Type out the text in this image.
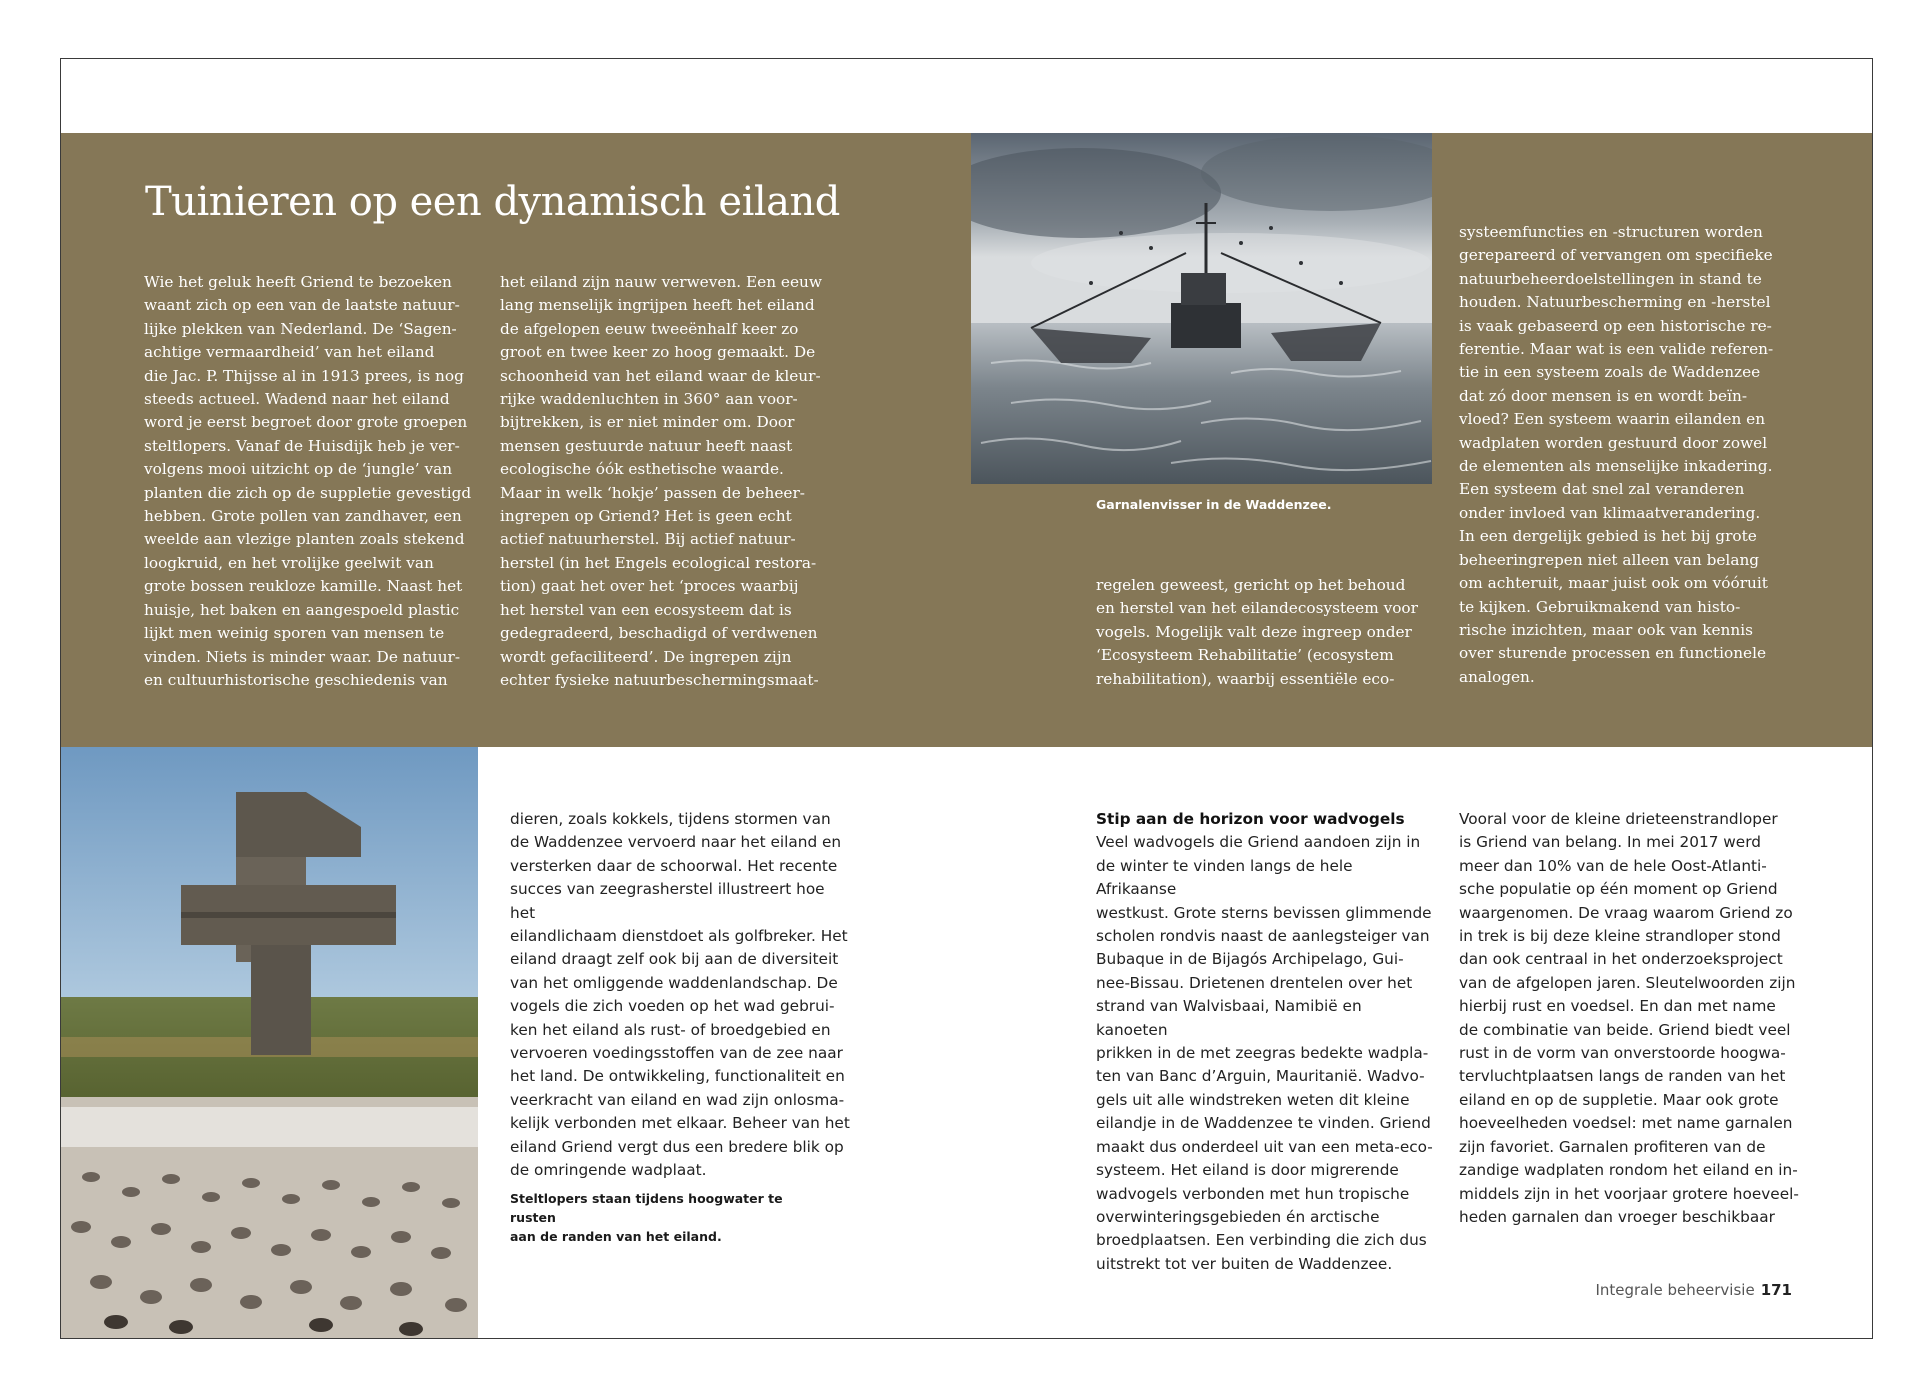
Garnalenvisser in de Waddenzee.
Tuinieren op een dynamisch eiland

Wie het geluk heeft Griend te bezoeken

waant zich op een van de laatste natuur-

lijke plekken van Nederland. De ‘Sagen-

achtige vermaardheid’ van het eiland

die Jac. P. Thijsse al in 1913 prees, is nog

steeds actueel. Wadend naar het eiland

word je eerst begroet door grote groepen

steltlopers. Vanaf de Huisdijk heb je ver-

volgens mooi uitzicht op de ‘jungle’ van

planten die zich op de suppletie gevestigd

hebben. Grote pollen van zandhaver, een

weelde aan vlezige planten zoals stekend

loogkruid, en het vrolijke geelwit van

grote bossen reukloze kamille. Naast het

huisje, het baken en aangespoeld plastic

lijkt men weinig sporen van mensen te

vinden. Niets is minder waar. De natuur-

en cultuurhistorische geschiedenis van

het eiland zijn nauw verweven. Een eeuw

lang menselijk ingrijpen heeft het eiland

de afgelopen eeuw tweeënhalf keer zo

groot en twee keer zo hoog gemaakt. De

schoonheid van het eiland waar de kleur-

rijke waddenluchten in 360° aan voor-

bijtrekken, is er niet minder om. Door

mensen gestuurde natuur heeft naast

ecologische óók esthetische waarde.

Maar in welk ‘hokje’ passen de beheer-

ingrepen op Griend? Het is geen echt

actief natuurherstel. Bij actief natuur-

herstel (in het Engels ecological restora-

tion) gaat het over het ‘proces waarbij

het herstel van een ecosysteem dat is

gedegradeerd, beschadigd of verdwenen

wordt gefaciliteerd’. De ingrepen zijn

echter fysieke natuurbeschermingsmaat-

regelen geweest, gericht op het behoud

en herstel van het eilandecosysteem voor

vogels. Mogelijk valt deze ingreep onder

‘Ecosysteem Rehabilitatie’ (ecosystem

rehabilitation), waarbij essentiële eco-

systeemfuncties en -structuren worden

gerepareerd of vervangen om specifieke

natuurbeheerdoelstellingen in stand te

houden. Natuurbescherming en -herstel

is vaak gebaseerd op een historische re-

ferentie. Maar wat is een valide referen-

tie in een systeem zoals de Waddenzee

dat zó door mensen is en wordt beïn-

vloed? Een systeem waarin eilanden en

wadplaten worden gestuurd door zowel

de elementen als menselijke inkadering.

Een systeem dat snel zal veranderen

onder invloed van klimaatverandering.

In een dergelijk gebied is het bij grote

beheeringrepen niet alleen van belang

om achteruit, maar juist ook om vóóruit

te kijken. Gebruikmakend van histo-

rische inzichten, maar ook van kennis

over sturende processen en functionele

analogen.

dieren, zoals kokkels, tijdens stormen van

de Waddenzee vervoerd naar het eiland en

versterken daar de schoorwal. Het recente

succes van zeegrasherstel illustreert hoe het

eilandlichaam dienstdoet als golfbreker. Het

eiland draagt zelf ook bij aan de diversiteit

van het omliggende waddenlandschap. De

vogels die zich voeden op het wad gebrui-

ken het eiland als rust- of broedgebied en

vervoeren voedingsstoffen van de zee naar

het land. De ontwikkeling, functionaliteit en

veerkracht van eiland en wad zijn onlosma-

kelijk verbonden met elkaar. Beheer van het

eiland Griend vergt dus een bredere blik op

de omringende wadplaat.

Steltlopers staan tijdens hoogwater te rusten
aan de randen van het eiland.

Stip aan de horizon voor wadvogels

Veel wadvogels die Griend aandoen zijn in

de winter te vinden langs de hele Afrikaanse

westkust. Grote sterns bevissen glimmende

scholen rondvis naast de aanlegsteiger van

Bubaque in de Bijagós Archipelago, Gui-

nee-Bissau. Drietenen drentelen over het

strand van Walvisbaai, Namibië en kanoeten

prikken in de met zeegras bedekte wadpla-

ten van Banc d’Arguin, Mauritanië. Wadvo-

gels uit alle windstreken weten dit kleine

eilandje in de Waddenzee te vinden. Griend

maakt dus onderdeel uit van een meta-eco-

systeem. Het eiland is door migrerende

wadvogels verbonden met hun tropische

overwinteringsgebieden én arctische

broedplaatsen. Een verbinding die zich dus

uitstrekt tot ver buiten de Waddenzee.

Vooral voor de kleine drieteenstrandloper

is Griend van belang. In mei 2017 werd

meer dan 10% van de hele Oost-Atlanti-

sche populatie op één moment op Griend

waargenomen. De vraag waarom Griend zo

in trek is bij deze kleine strandloper stond

dan ook centraal in het onderzoeksproject

van de afgelopen jaren. Sleutelwoorden zijn

hierbij rust en voedsel. En dan met name

de combinatie van beide. Griend biedt veel

rust in de vorm van onverstoorde hoogwa-

tervluchtplaatsen langs de randen van het

eiland en op de suppletie. Maar ook grote

hoeveelheden voedsel: met name garnalen

zijn favoriet. Garnalen profiteren van de

zandige wadplaten rondom het eiland en in-

middels zijn in het voorjaar grotere hoeveel-

heden garnalen dan vroeger beschikbaar

Integrale beheervisie 171
